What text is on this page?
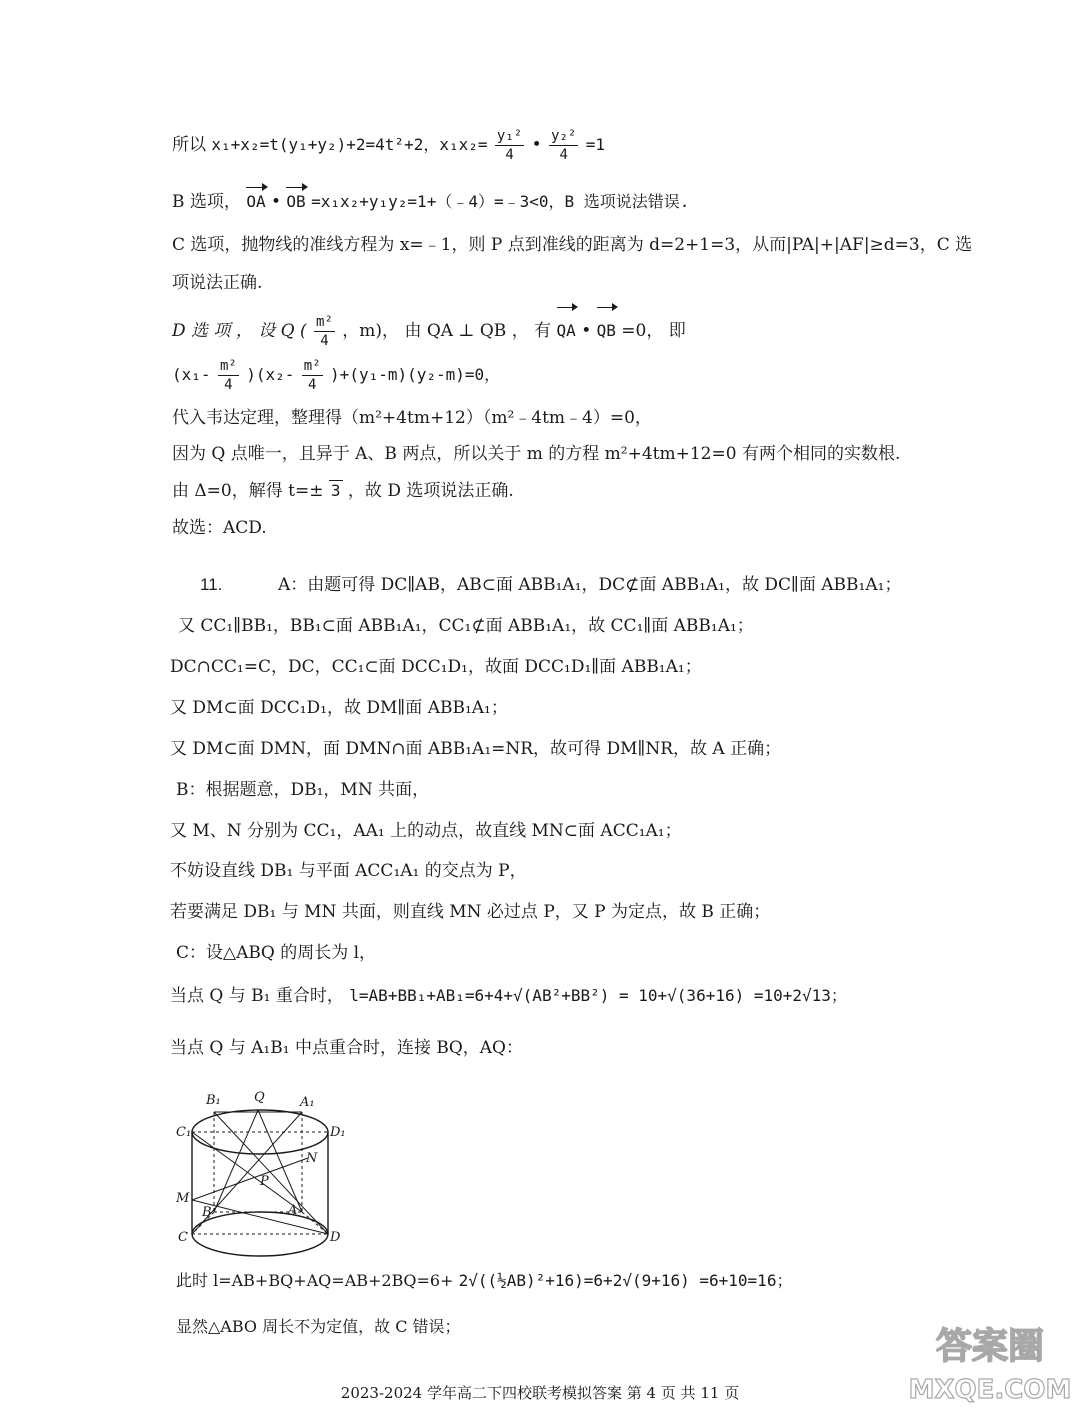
所以 x₁+x₂=t(y₁+y₂)+2=4t²+2，$x_1x_2= \frac{\text{y₁²}}{4}$ • $\frac{\text{y₂²}}{4} =1$
B 选项， OA • OB =x₁x₂+y₁y₂=1+（﹣4）=﹣3<0，B 选项说法错误.
C 选项，抛物线的准线方程为 x=﹣1，则 P 点到准线的距离为 d=2+1=3，从而|PA|+|AF|≥d=3，C 选
项说法正确.
D 选 项 ， 设 Q ( $\frac{\text{m²}}{4}$ ，m)， 由 QA ⊥ QB ， 有 QA • QB =0， 即
$(x_1- \frac{\text{m²}}{4} )(x_2- \frac{\text{m²}}{4} )+(y_1-m)(y_2-m)=0$，
代入韦达定理，整理得（m²+4tm+12）（m²﹣4tm﹣4）=0，
因为 Q 点唯一，且异于 A、B 两点，所以关于 m 的方程 m²+4tm+12=0 有两个相同的实数根.
由 Δ=0，解得 t=± 3 ，故 D 选项说法正确.
故选：ACD.
11.	A：由题可得 DC∥AB，AB⊂面 ABB₁A₁，DC⊄面 ABB₁A₁，故 DC∥面 ABB₁A₁；
又 CC₁∥BB₁，BB₁⊂面 ABB₁A₁，CC₁⊄面 ABB₁A₁，故 CC₁∥面 ABB₁A₁；
DC∩CC₁=C，DC，CC₁⊂面 DCC₁D₁，故面 DCC₁D₁∥面 ABB₁A₁；
又 DM⊂面 DCC₁D₁，故 DM∥面 ABB₁A₁；
又 DM⊂面 DMN，面 DMN∩面 ABB₁A₁=NR，故可得 DM∥NR，故 A 正确；
B：根据题意，DB₁，MN 共面，
又 M、N 分别为 CC₁，AA₁ 上的动点，故直线 MN⊂面 ACC₁A₁；
不妨设直线 DB₁ 与平面 ACC₁A₁ 的交点为 P，
若要满足 DB₁ 与 MN 共面，则直线 MN 必过点 P，又 P 为定点，故 B 正确；
C：设△ABQ 的周长为 l，
当点 Q 与 B₁ 重合时， l=AB+BB₁+AB₁=6+4+√(AB²+BB²) = 10+√(36+16) =10+2√13；
当点 Q 与 A₁B₁ 中点重合时，连接 BQ，AQ：
B₁	Q	A₁
C₁	D₁
N
P
M
B	A
C	D
此时 l=AB+BQ+AQ=AB+2BQ=6+ 2√((½AB)²+16)=6+2√(9+16) =6+10=16；
显然△ABO 周长不为定值，故 C 错误；
2023-2024 学年高二下四校联考模拟答案 第 4 页 共 11 页
答案圈
MXQE.COM
